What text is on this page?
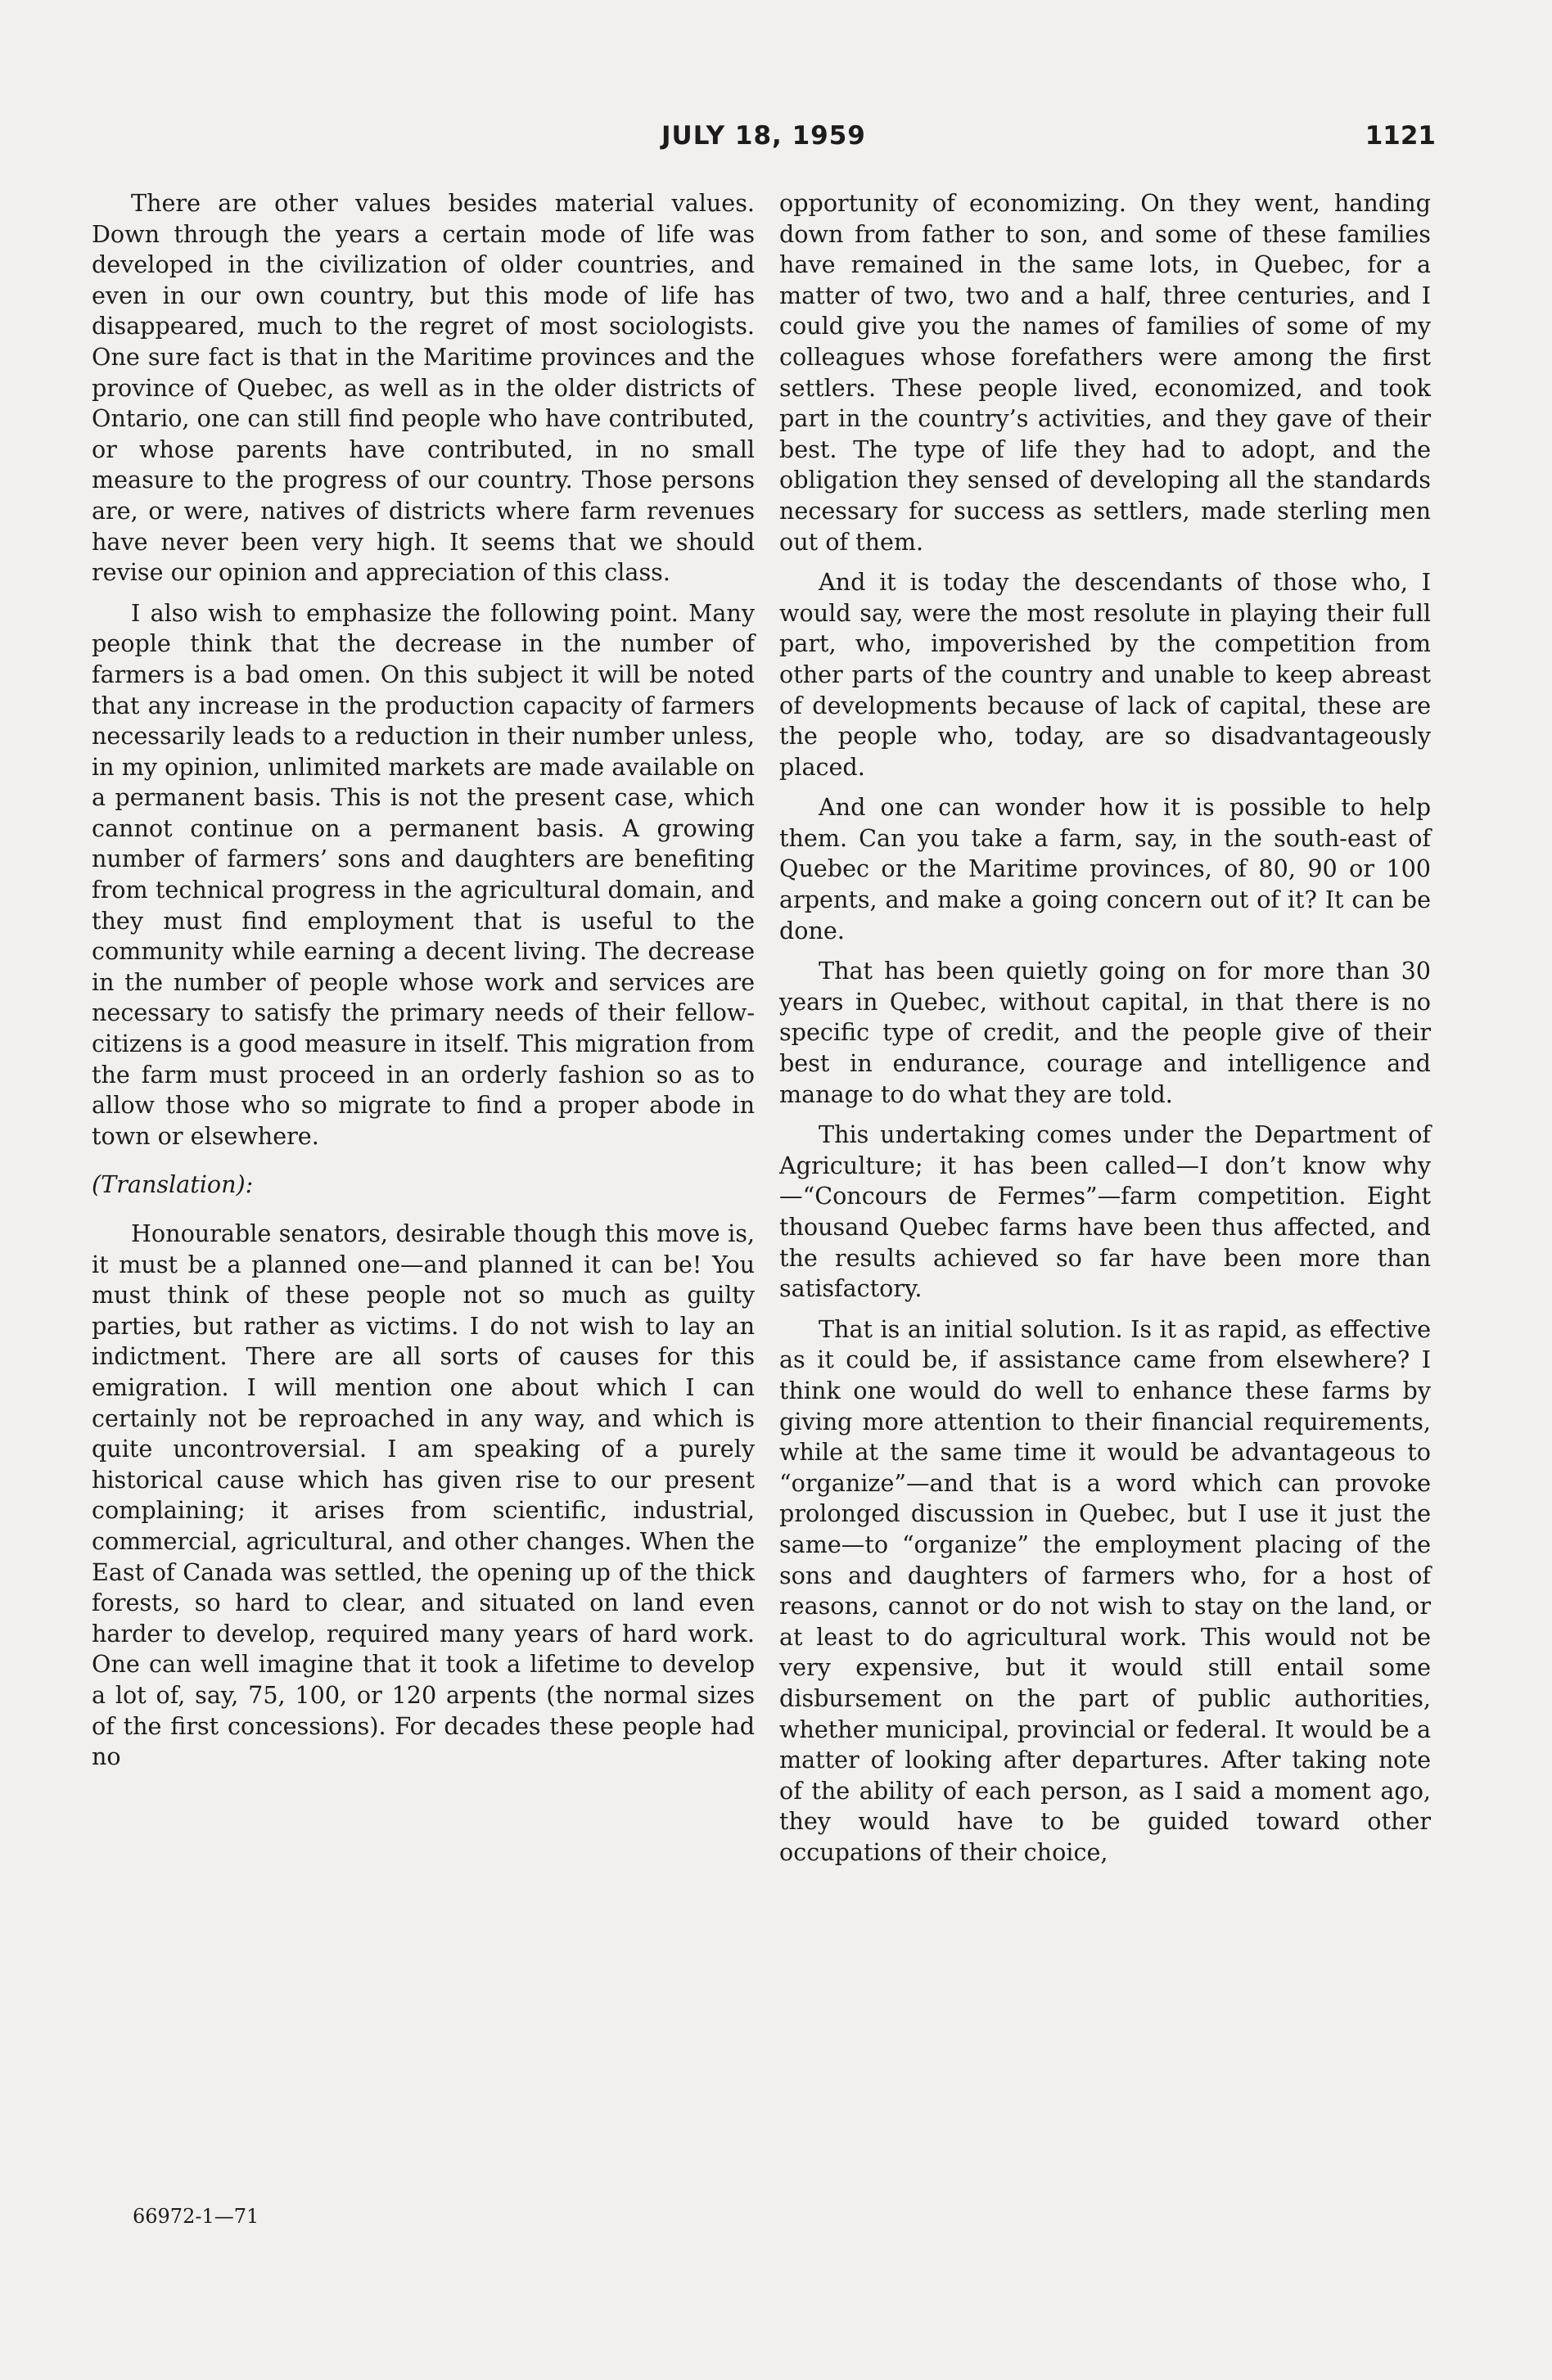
JULY 18, 1959	1121

There are other values besides material values. Down through the years a certain mode of life was developed in the civilization of older countries, and even in our own country, but this mode of life has disappeared, much to the regret of most sociologists. One sure fact is that in the Maritime provinces and the province of Quebec, as well as in the older districts of Ontario, one can still find people who have contributed, or whose parents have contributed, in no small measure to the progress of our country. Those persons are, or were, natives of districts where farm revenues have never been very high. It seems that we should revise our opinion and appreciation of this class.

I also wish to emphasize the following point. Many people think that the decrease in the number of farmers is a bad omen. On this subject it will be noted that any increase in the production capacity of farmers necessarily leads to a reduction in their number unless, in my opinion, unlimited markets are made available on a permanent basis. This is not the present case, which cannot continue on a permanent basis. A growing number of farmers’ sons and daughters are benefiting from technical progress in the agricultural domain, and they must find employment that is useful to the community while earning a decent living. The decrease in the number of people whose work and services are necessary to satisfy the primary needs of their fellow-citizens is a good measure in itself. This migration from the farm must proceed in an orderly fashion so as to allow those who so migrate to find a proper abode in town or elsewhere.

(Translation):

Honourable senators, desirable though this move is, it must be a planned one—and planned it can be! You must think of these people not so much as guilty parties, but rather as victims. I do not wish to lay an indictment. There are all sorts of causes for this emigration. I will mention one about which I can certainly not be reproached in any way, and which is quite uncontroversial. I am speaking of a purely historical cause which has given rise to our present complaining; it arises from scientific, industrial, commercial, agricultural, and other changes. When the East of Canada was settled, the opening up of the thick forests, so hard to clear, and situated on land even harder to develop, required many years of hard work. One can well imagine that it took a lifetime to develop a lot of, say, 75, 100, or 120 arpents (the normal sizes of the first concessions). For decades these people had no

opportunity of economizing. On they went, handing down from father to son, and some of these families have remained in the same lots, in Quebec, for a matter of two, two and a half, three centuries, and I could give you the names of families of some of my colleagues whose forefathers were among the first settlers. These people lived, economized, and took part in the country’s activities, and they gave of their best. The type of life they had to adopt, and the obligation they sensed of developing all the standards necessary for success as settlers, made sterling men out of them.

And it is today the descendants of those who, I would say, were the most resolute in playing their full part, who, impoverished by the competition from other parts of the country and unable to keep abreast of developments because of lack of capital, these are the people who, today, are so disadvantageously placed.

And one can wonder how it is possible to help them. Can you take a farm, say, in the south-east of Quebec or the Maritime provinces, of 80, 90 or 100 arpents, and make a going concern out of it? It can be done.

That has been quietly going on for more than 30 years in Quebec, without capital, in that there is no specific type of credit, and the people give of their best in endurance, courage and intelligence and manage to do what they are told.

This undertaking comes under the Department of Agriculture; it has been called—I don’t know why—“Concours de Fermes”—farm competition. Eight thousand Quebec farms have been thus affected, and the results achieved so far have been more than satisfactory.

That is an initial solution. Is it as rapid, as effective as it could be, if assistance came from elsewhere? I think one would do well to enhance these farms by giving more attention to their financial requirements, while at the same time it would be advantageous to “organize”—and that is a word which can provoke prolonged discussion in Quebec, but I use it just the same—to “organize” the employment placing of the sons and daughters of farmers who, for a host of reasons, cannot or do not wish to stay on the land, or at least to do agricultural work. This would not be very expensive, but it would still entail some disbursement on the part of public authorities, whether municipal, provincial or federal. It would be a matter of looking after departures. After taking note of the ability of each person, as I said a moment ago, they would have to be guided toward other occupations of their choice,

66972-1—71
